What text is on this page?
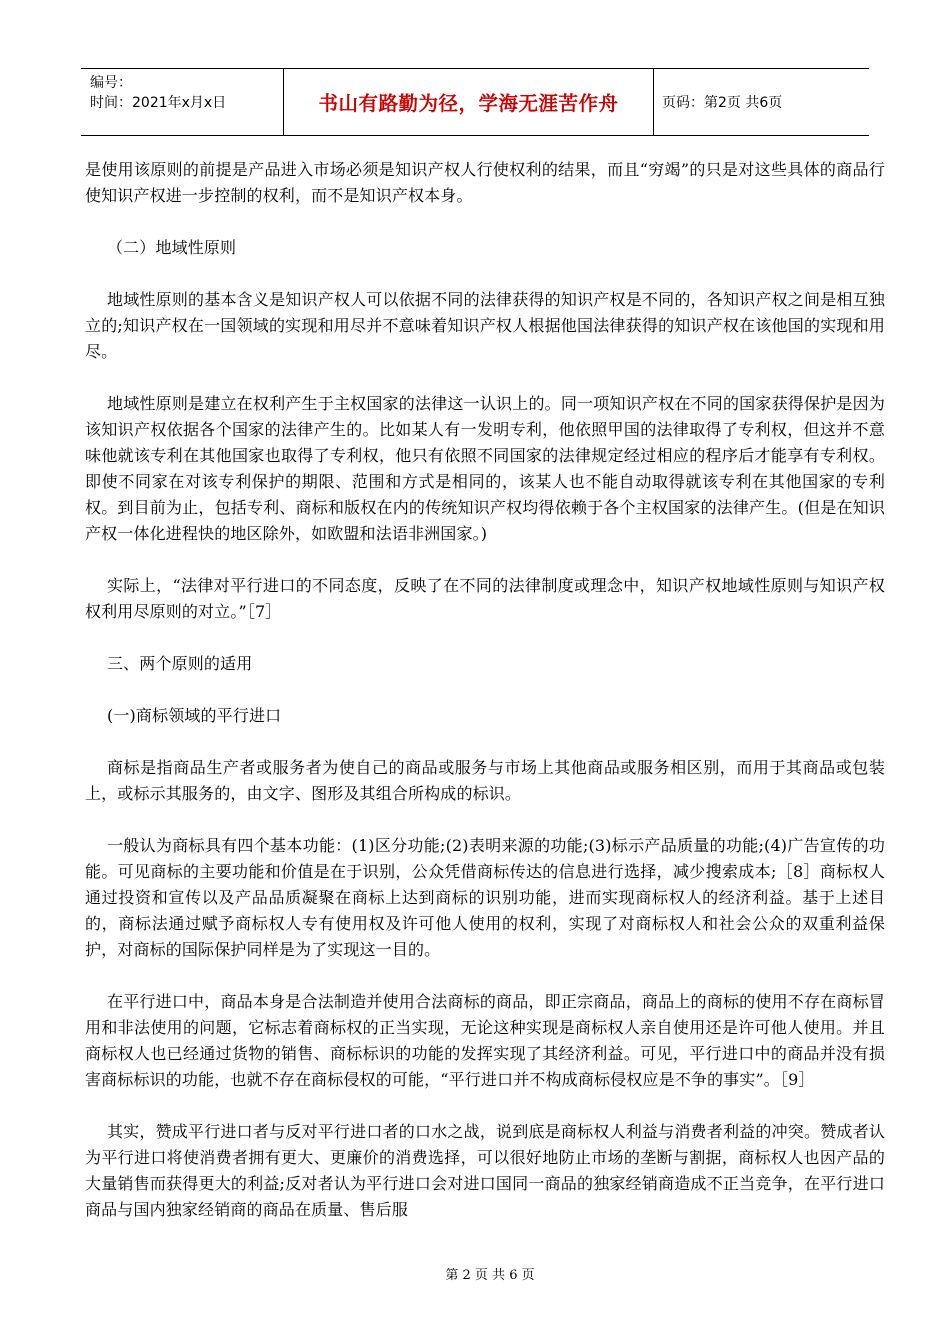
编号：
时间：2021年x月x日	书山有路勤为径，学海无涯苦作舟	页码：第2页 共6页

是使用该原则的前提是产品进入市场必须是知识产权人行使权利的结果，而且“穷竭”的只是对这些具体的商品行使知识产权进一步控制的权利，而不是知识产权本身。

（二）地域性原则

地域性原则的基本含义是知识产权人可以依据不同的法律获得的知识产权是不同的，各知识产权之间是相互独立的;知识产权在一国领域的实现和用尽并不意味着知识产权人根据他国法律获得的知识产权在该他国的实现和用尽。

地域性原则是建立在权利产生于主权国家的法律这一认识上的。同一项知识产权在不同的国家获得保护是因为该知识产权依据各个国家的法律产生的。比如某人有一发明专利，他依照甲国的法律取得了专利权，但这并不意味他就该专利在其他国家也取得了专利权，他只有依照不同国家的法律规定经过相应的程序后才能享有专利权。即使不同家在对该专利保护的期限、范围和方式是相同的，该某人也不能自动取得就该专利在其他国家的专利权。到目前为止，包括专利、商标和版权在内的传统知识产权均得依赖于各个主权国家的法律产生。(但是在知识产权一体化进程快的地区除外，如欧盟和法语非洲国家。)

实际上，“法律对平行进口的不同态度，反映了在不同的法律制度或理念中，知识产权地域性原则与知识产权权利用尽原则的对立。”［7］

三、两个原则的适用

(一)商标领域的平行进口

商标是指商品生产者或服务者为使自己的商品或服务与市场上其他商品或服务相区别，而用于其商品或包装上，或标示其服务的，由文字、图形及其组合所构成的标识。

一般认为商标具有四个基本功能：(1)区分功能;(2)表明来源的功能;(3)标示产品质量的功能;(4)广告宣传的功能。可见商标的主要功能和价值是在于识别，公众凭借商标传达的信息进行选择，减少搜索成本;［8］商标权人通过投资和宣传以及产品品质凝聚在商标上达到商标的识别功能，进而实现商标权人的经济利益。基于上述目的，商标法通过赋予商标权人专有使用权及许可他人使用的权利，实现了对商标权人和社会公众的双重利益保护，对商标的国际保护同样是为了实现这一目的。

在平行进口中，商品本身是合法制造并使用合法商标的商品，即正宗商品，商品上的商标的使用不存在商标冒用和非法使用的问题，它标志着商标权的正当实现，无论这种实现是商标权人亲自使用还是许可他人使用。并且商标权人也已经通过货物的销售、商标标识的功能的发挥实现了其经济利益。可见，平行进口中的商品并没有损害商标标识的功能，也就不存在商标侵权的可能，“平行进口并不构成商标侵权应是不争的事实”。［9］

其实，赞成平行进口者与反对平行进口者的口水之战，说到底是商标权人利益与消费者利益的冲突。赞成者认为平行进口将使消费者拥有更大、更廉价的消费选择，可以很好地防止市场的垄断与割据，商标权人也因产品的大量销售而获得更大的利益;反对者认为平行进口会对进口国同一商品的独家经销商造成不正当竞争，在平行进口商品与国内独家经销商的商品在质量、售后服

第 2 页 共 6 页
